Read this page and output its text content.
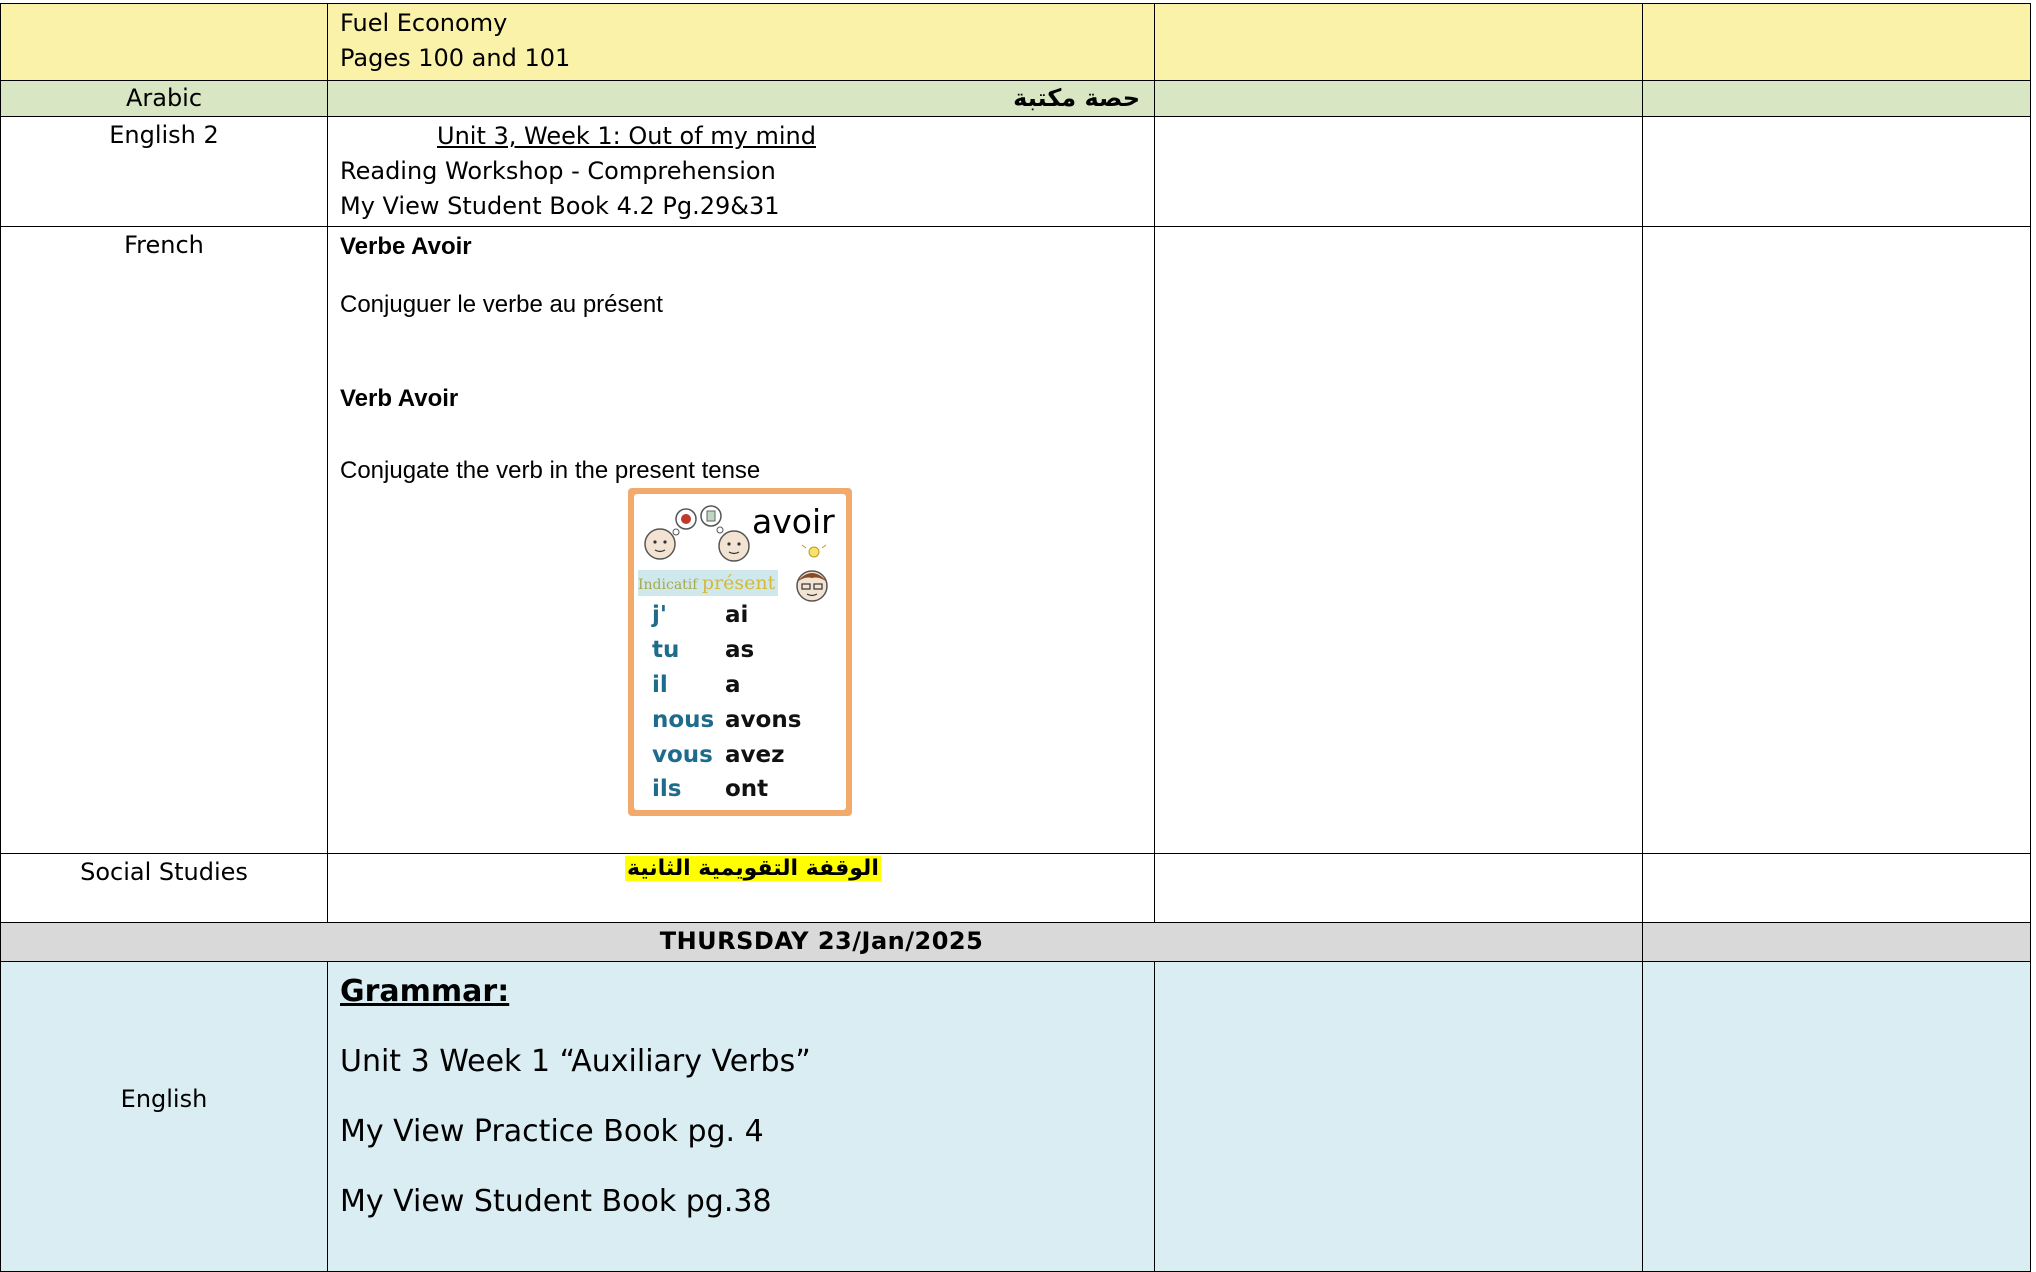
	Fuel Economy
Pages 100 and 101		

Arabic	حصة مكتبة		
English 2	Unit 3, Week 1: Out of my mind
Reading Workshop - Comprehension
My View Student Book 4.2 Pg.29&31		

French	Verbe Avoir
Conjuguer le verbe au présent
Verb Avoir
Conjugate the verb in the present tense		

Social Studies	الوقفة التقويمية الثانية		
THURSDAY 23/Jan/2025			
English	Grammar:
Unit 3 Week 1 “Auxiliary Verbs”
My View Practice Book pg. 4
My View Student Book pg.38		

avoir
Indicatif présent
j'	ai
tu as
il a
nous avons
vous avez
ils ont
